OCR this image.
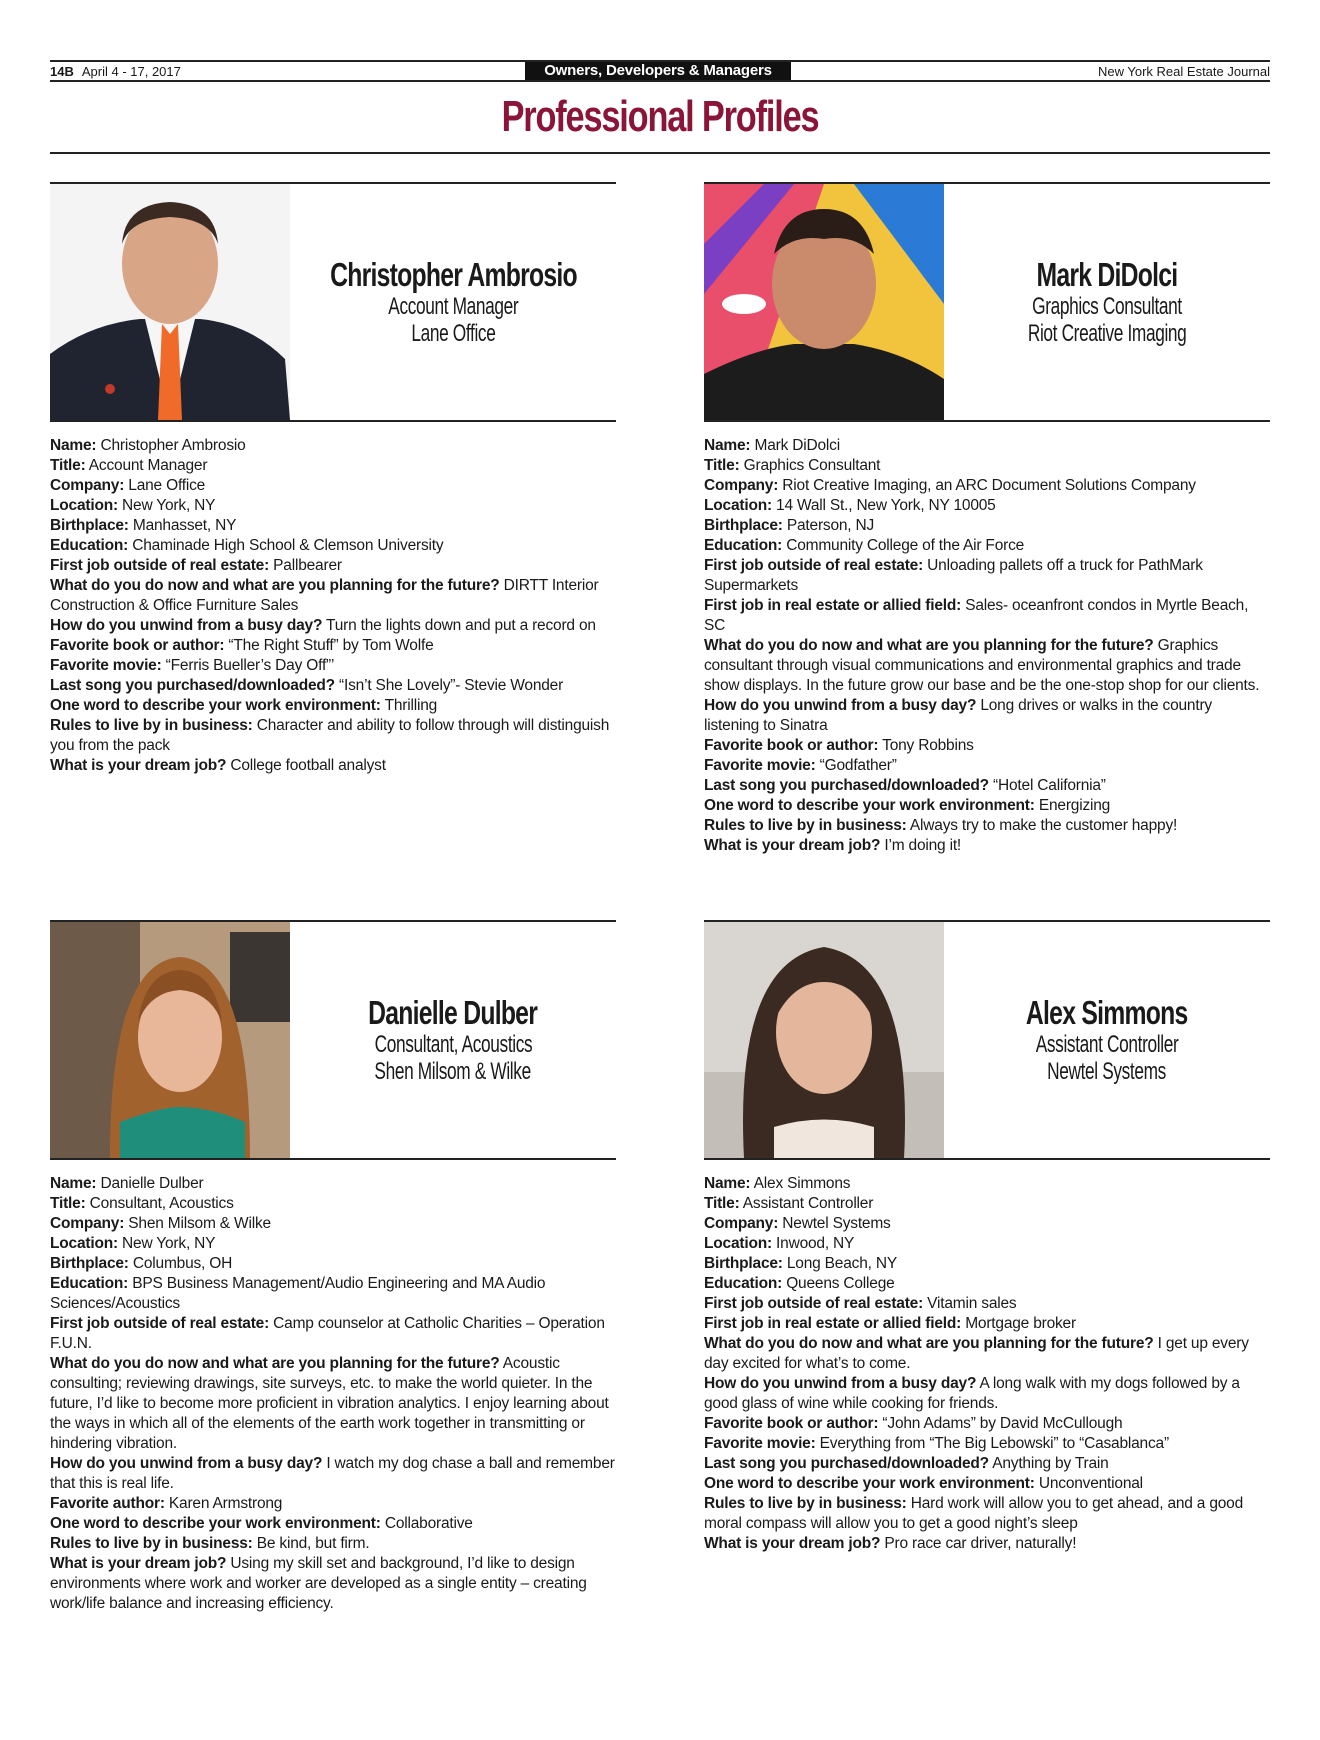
14B April 4 - 17, 2017	Owners, Developers & Managers	New York Real Estate Journal
Professional Profiles
Christopher Ambrosio
Account Manager
Lane Office
Name: Christopher Ambrosio
Title: Account Manager
Company: Lane Office
Location: New York, NY
Birthplace: Manhasset, NY
Education: Chaminade High School & Clemson University
First job outside of real estate: Pallbearer
What do you do now and what are you planning for the future? DIRTT Interior Construction & Office Furniture Sales
How do you unwind from a busy day? Turn the lights down and put a record on
Favorite book or author: “The Right Stuff” by Tom Wolfe
Favorite movie: “Ferris Bueller’s Day Off”’
Last song you purchased/downloaded? “Isn’t She Lovely”- Stevie Wonder
One word to describe your work environment: Thrilling
Rules to live by in business: Character and ability to follow through will distinguish you from the pack
What is your dream job? College football analyst
Mark DiDolci
Graphics Consultant
Riot Creative Imaging
Name: Mark DiDolci
Title: Graphics Consultant
Company: Riot Creative Imaging, an ARC Document Solutions Company
Location: 14 Wall St., New York, NY 10005
Birthplace: Paterson, NJ
Education: Community College of the Air Force
First job outside of real estate: Unloading pallets off a truck for PathMark Supermarkets
First job in real estate or allied field: Sales- oceanfront condos in Myrtle Beach, SC
What do you do now and what are you planning for the future? Graphics consultant through visual communications and environmental graphics and trade show displays. In the future grow our base and be the one-stop shop for our clients.
How do you unwind from a busy day? Long drives or walks in the country listening to Sinatra
Favorite book or author: Tony Robbins
Favorite movie: “Godfather”
Last song you purchased/downloaded? “Hotel California”
One word to describe your work environment: Energizing
Rules to live by in business: Always try to make the customer happy!
What is your dream job? I’m doing it!
Danielle Dulber
Consultant, Acoustics
Shen Milsom & Wilke
Name: Danielle Dulber
Title: Consultant, Acoustics
Company: Shen Milsom & Wilke
Location: New York, NY
Birthplace: Columbus, OH
Education: BPS Business Management/Audio Engineering and MA Audio Sciences/Acoustics
First job outside of real estate: Camp counselor at Catholic Charities – Operation F.U.N.
What do you do now and what are you planning for the future? Acoustic consulting; reviewing drawings, site surveys, etc. to make the world quieter. In the future, I’d like to become more proficient in vibration analytics. I enjoy learning about the ways in which all of the elements of the earth work together in transmitting or hindering vibration.
How do you unwind from a busy day? I watch my dog chase a ball and remember that this is real life.
Favorite author: Karen Armstrong
One word to describe your work environment: Collaborative
Rules to live by in business: Be kind, but firm.
What is your dream job? Using my skill set and background, I’d like to design environments where work and worker are developed as a single entity – creating work/life balance and increasing efficiency.
Alex Simmons
Assistant Controller
Newtel Systems
Name: Alex Simmons
Title: Assistant Controller
Company: Newtel Systems
Location: Inwood, NY
Birthplace: Long Beach, NY
Education: Queens College
First job outside of real estate: Vitamin sales
First job in real estate or allied field: Mortgage broker
What do you do now and what are you planning for the future? I get up every day excited for what’s to come.
How do you unwind from a busy day? A long walk with my dogs followed by a good glass of wine while cooking for friends.
Favorite book or author: “John Adams” by David McCullough
Favorite movie: Everything from “The Big Lebowski” to “Casablanca”
Last song you purchased/downloaded? Anything by Train
One word to describe your work environment: Unconventional
Rules to live by in business: Hard work will allow you to get ahead, and a good moral compass will allow you to get a good night’s sleep
What is your dream job? Pro race car driver, naturally!
